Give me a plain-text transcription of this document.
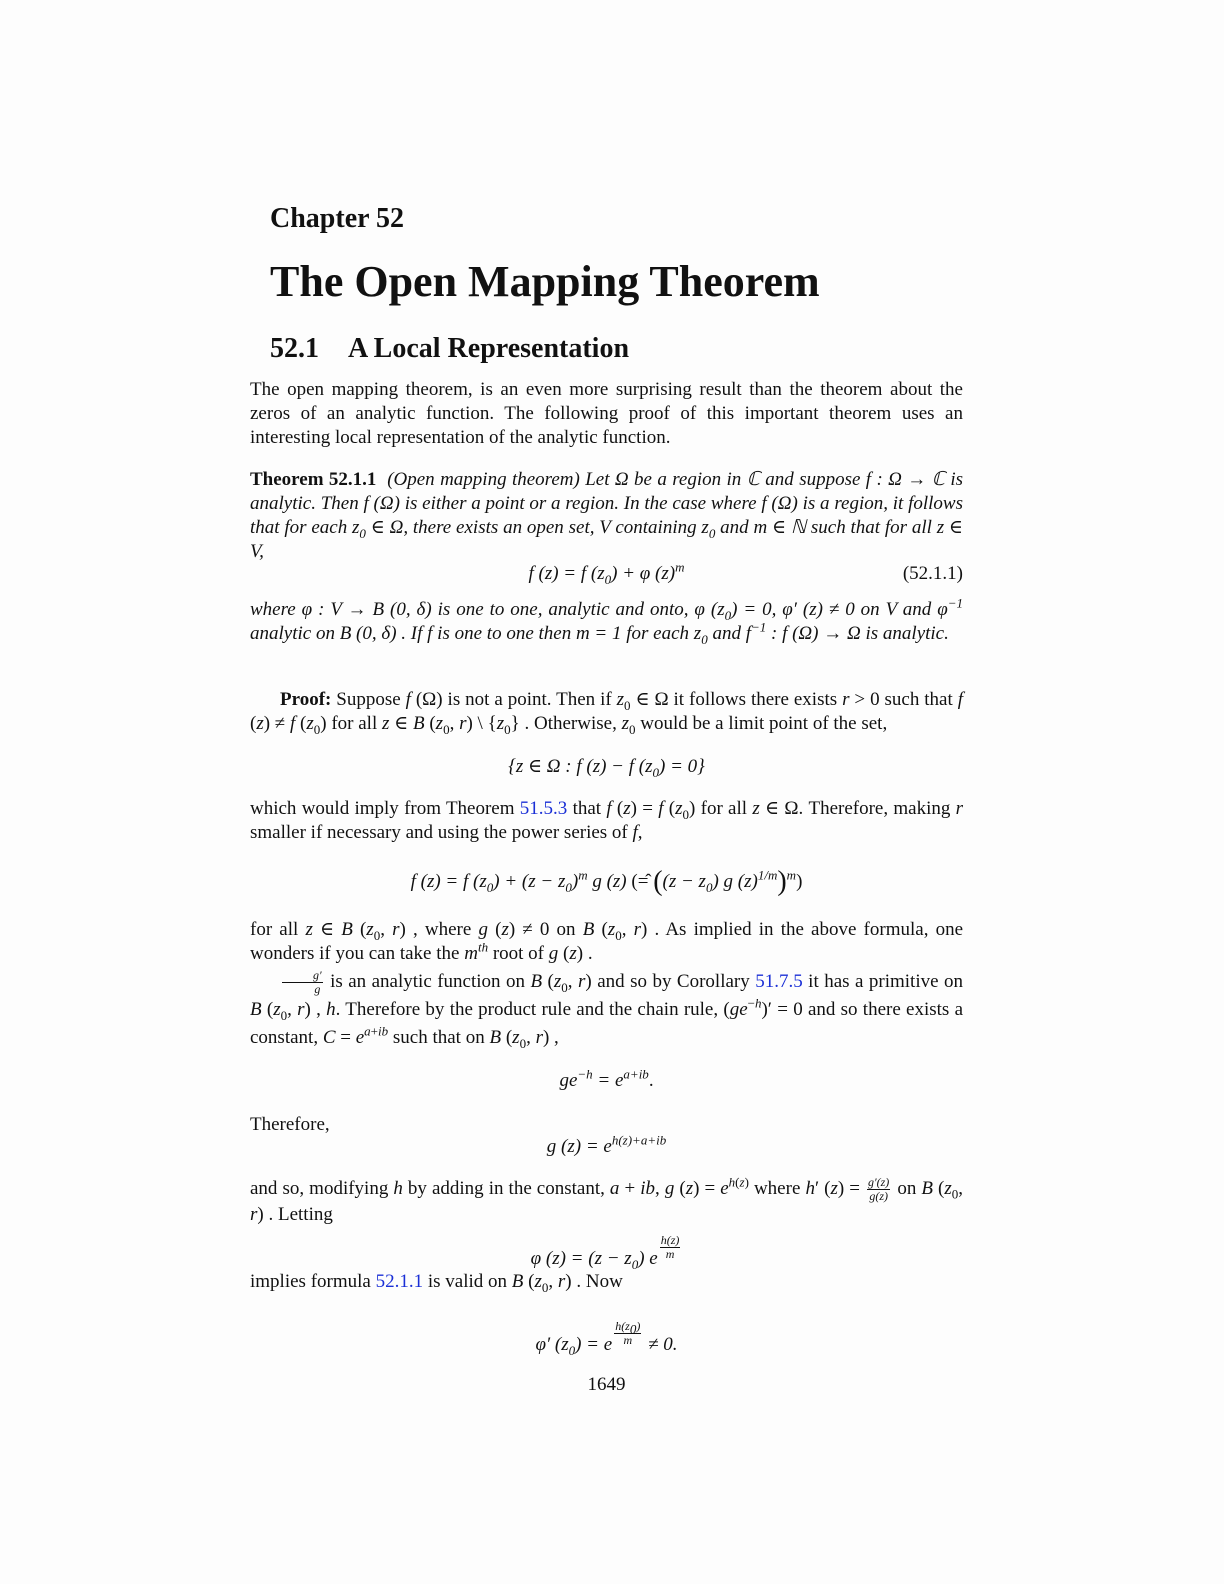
Chapter 52
The Open Mapping Theorem
52.1 A Local Representation
The open mapping theorem, is an even more surprising result than the theorem about the zeros of an analytic function. The following proof of this important theorem uses an interesting local representation of the analytic function.
Theorem 52.1.1 (Open mapping theorem) Let Ω be a region in ℂ and suppose f : Ω → ℂ is analytic. Then f (Ω) is either a point or a region. In the case where f (Ω) is a region, it follows that for each $z_0$ ∈ Ω, there exists an open set, V containing $z_0$ and m ∈ ℕ such that for all z ∈ V,
f (z) = f $(z_0) + \varphi$ $(z)^m$	(52.1.1)
where φ : V → B (0, δ) is one to one, analytic and onto, φ $(z_0) = 0$, φ′ (z) ≠ 0 on V and $\varphi^{-1}$ analytic on B (0, δ) . If f is one to one then m = 1 for each $z_0$ and $f^{-1}$ : f (Ω) → Ω is analytic.
Proof: Suppose f (Ω) is not a point. Then if $z_0$ ∈ Ω it follows there exists r > 0 such that f (z) ≠ f $(z_0)$ for all z ∈ B ($z_0$, r) \ $\{z_0\}$ . Otherwise, $z_0$ would be a limit point of the set,
{z ∈ Ω : f (z) − f $(z_0) = 0$}
which would imply from Theorem 51.5.3 that f (z) = f $(z_0)$ for all z ∈ Ω. Therefore, making r smaller if necessary and using the power series of f,
f (z) = f $(z_0) + (z - z_0)^m$ g (z) (=̂ ($(z - z_0)$ g $(z)^{1/m})^m$)
for all z ∈ B ($z_0$, r) , where g (z) ≠ 0 on B ($z_0$, r) . As implied in the above formula, one wonders if you can take the $m^{th}$ root of g (z) .
$\frac{g'}{g}$ is an analytic function on B ($z_0$, r) and so by Corollary 51.7.5 it has a primitive on B ($z_0$, r) , h. Therefore by the product rule and the chain rule, $(ge^{-h})' = 0$ and so there exists a constant, $C = e^{a+ib}$ such that on B ($z_0$, r) ,
$ge^{-h} = e^{a+ib}$.
Therefore,
g $(z) = e^{h(z)+a+ib}$
and so, modifying h by adding in the constant, a + ib, g $(z) = e^{h(z)}$ where h′ $(z) = \frac{g'(z)}{g(z)}$ on B ($z_0$, r) . Letting
φ $(z) = (z - z_0)$ e $\frac{h(z)}{m}$
implies formula 52.1.1 is valid on B ($z_0$, r) . Now
φ′ $(z_0) = e \frac{h(z_0)}{m} \ne 0$.
1649
